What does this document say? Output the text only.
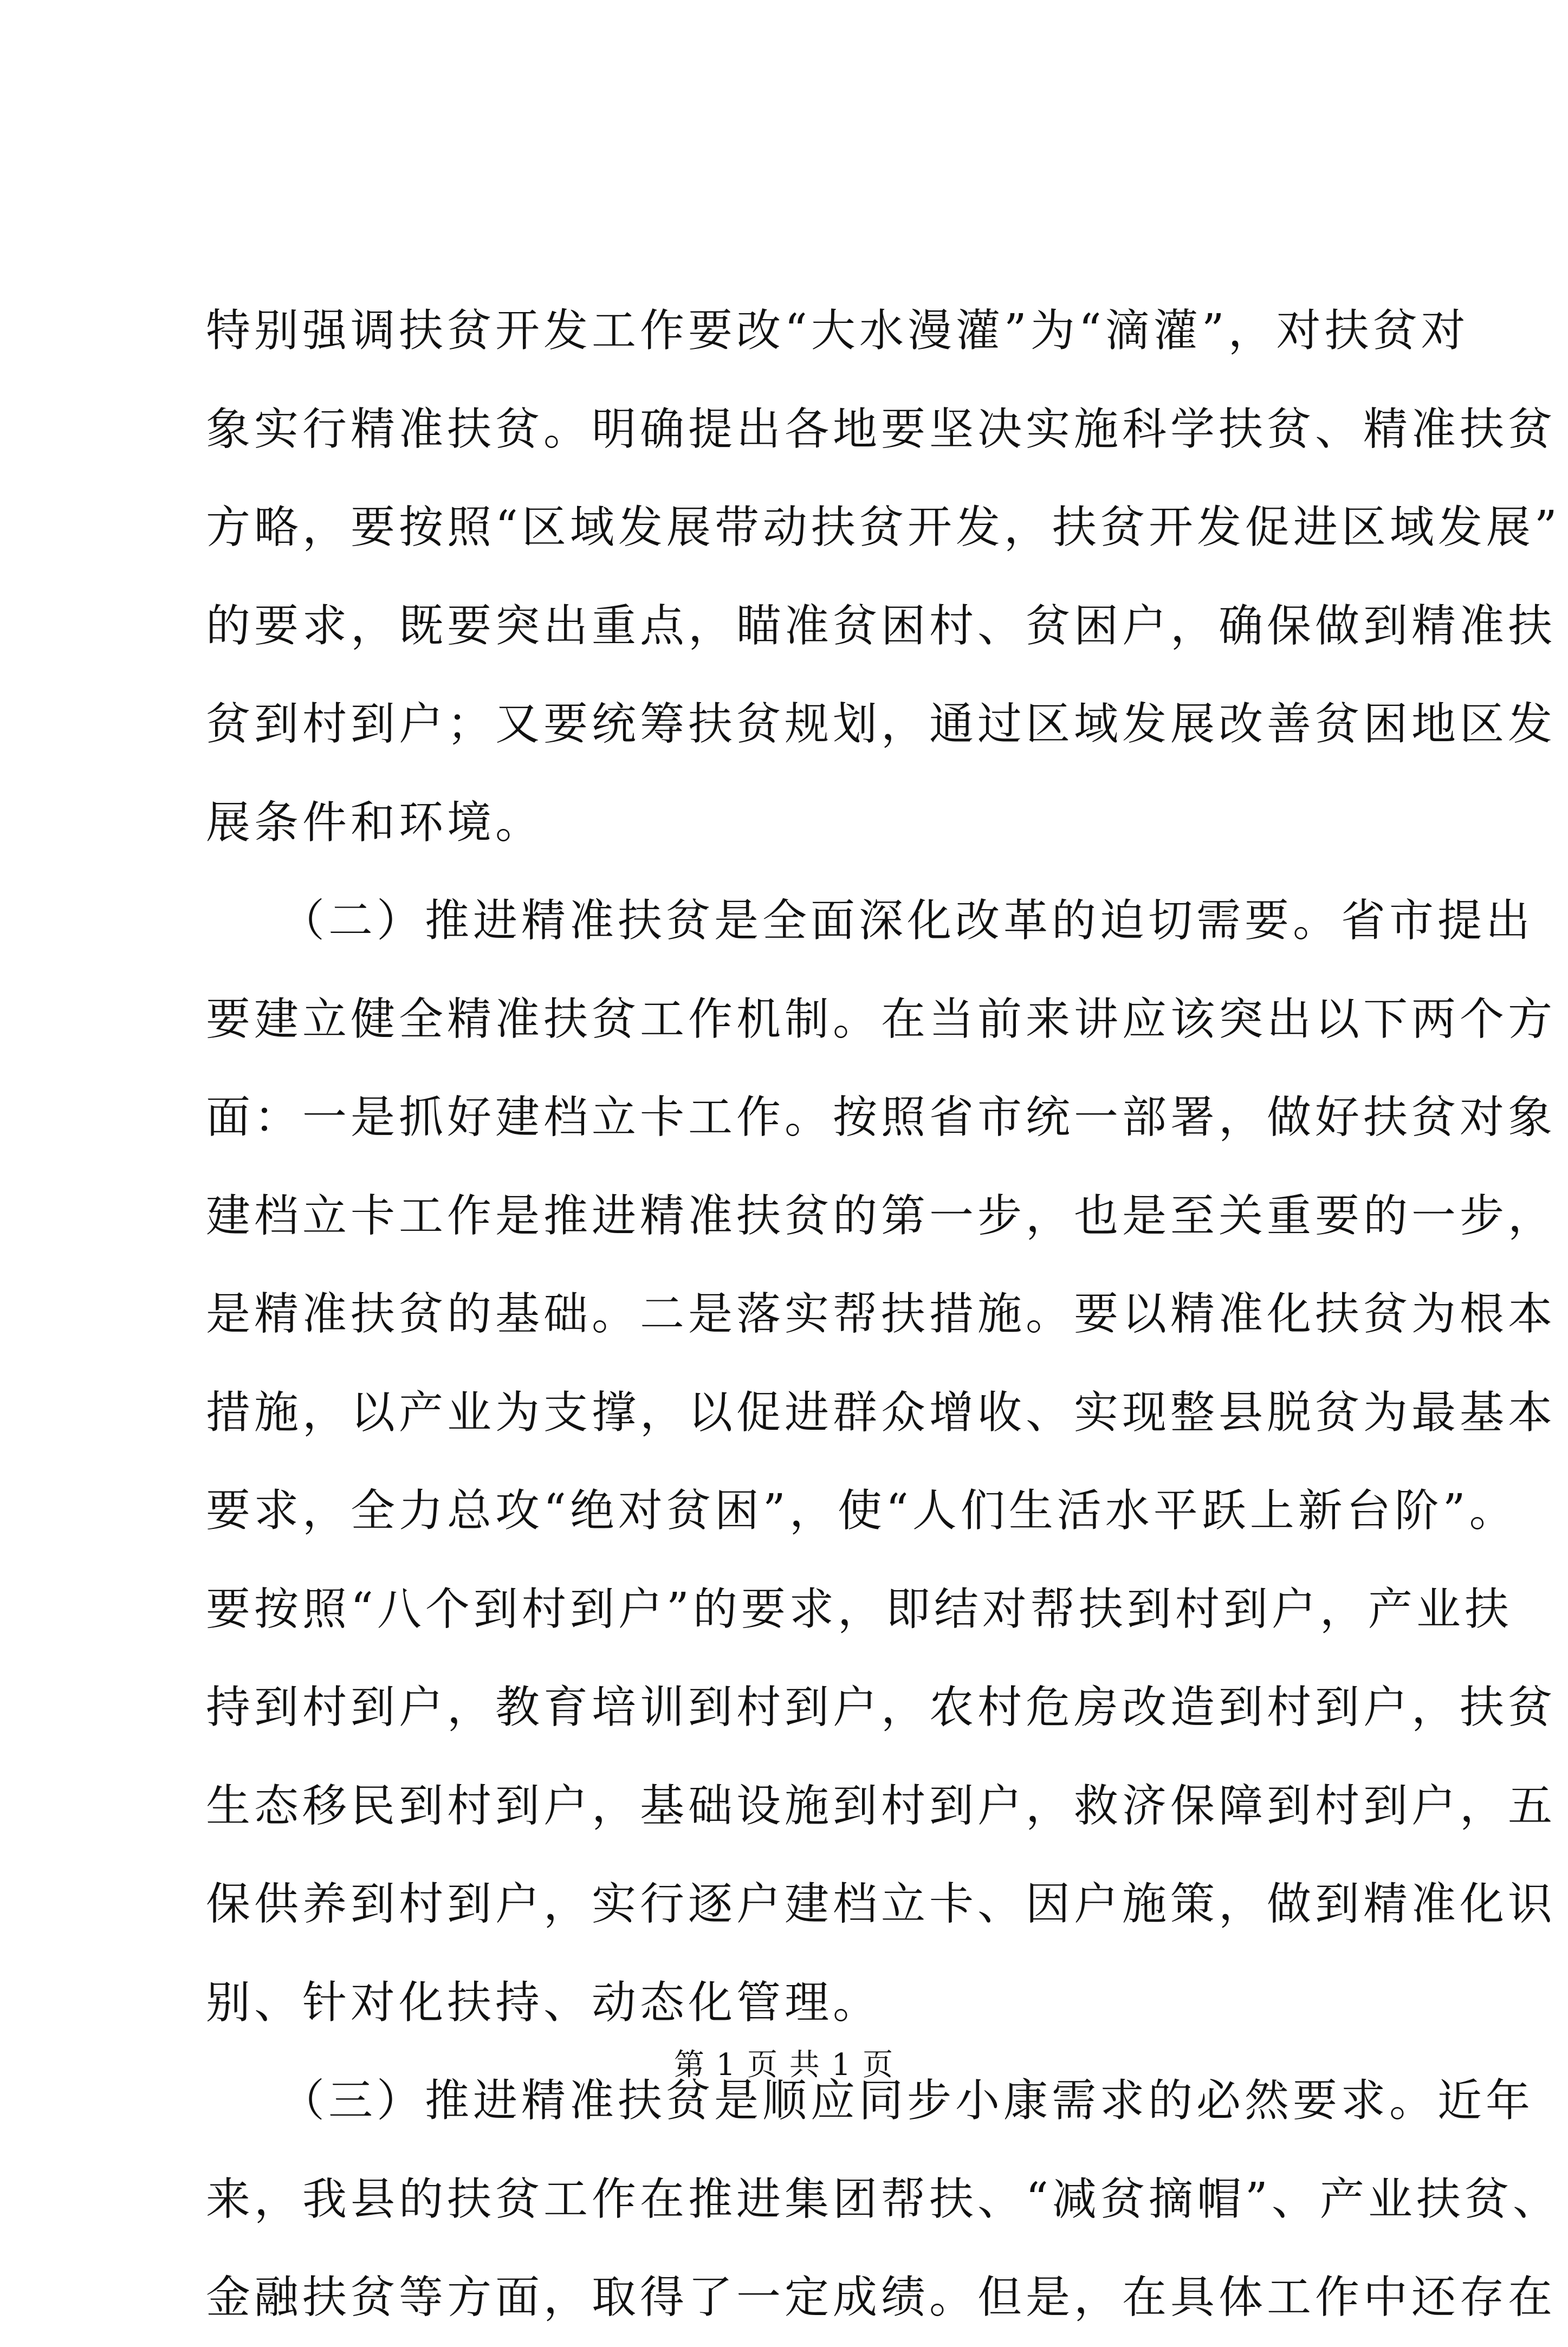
特别强调扶贫开发工作要改“大水漫灌”为“滴灌”，对扶贫对
象实行精准扶贫。明确提出各地要坚决实施科学扶贫、精准扶贫
方略，要按照“区域发展带动扶贫开发，扶贫开发促进区域发展”
的要求，既要突出重点，瞄准贫困村、贫困户，确保做到精准扶
贫到村到户；又要统筹扶贫规划，通过区域发展改善贫困地区发
展条件和环境。
　　（二）推进精准扶贫是全面深化改革的迫切需要。省市提出
要建立健全精准扶贫工作机制。在当前来讲应该突出以下两个方
面：一是抓好建档立卡工作。按照省市统一部署，做好扶贫对象
建档立卡工作是推进精准扶贫的第一步，也是至关重要的一步，
是精准扶贫的基础。二是落实帮扶措施。要以精准化扶贫为根本
措施，以产业为支撑，以促进群众增收、实现整县脱贫为最基本
要求，全力总攻“绝对贫困”，使“人们生活水平跃上新台阶”。
要按照“八个到村到户”的要求，即结对帮扶到村到户，产业扶
持到村到户，教育培训到村到户，农村危房改造到村到户，扶贫
生态移民到村到户，基础设施到村到户，救济保障到村到户，五
保供养到村到户，实行逐户建档立卡、因户施策，做到精准化识
别、针对化扶持、动态化管理。
　　（三）推进精准扶贫是顺应同步小康需求的必然要求。近年
来，我县的扶贫工作在推进集团帮扶、“减贫摘帽”、产业扶贫、
金融扶贫等方面，取得了一定成绩。但是，在具体工作中还存在
第 1 页 共 1 页
